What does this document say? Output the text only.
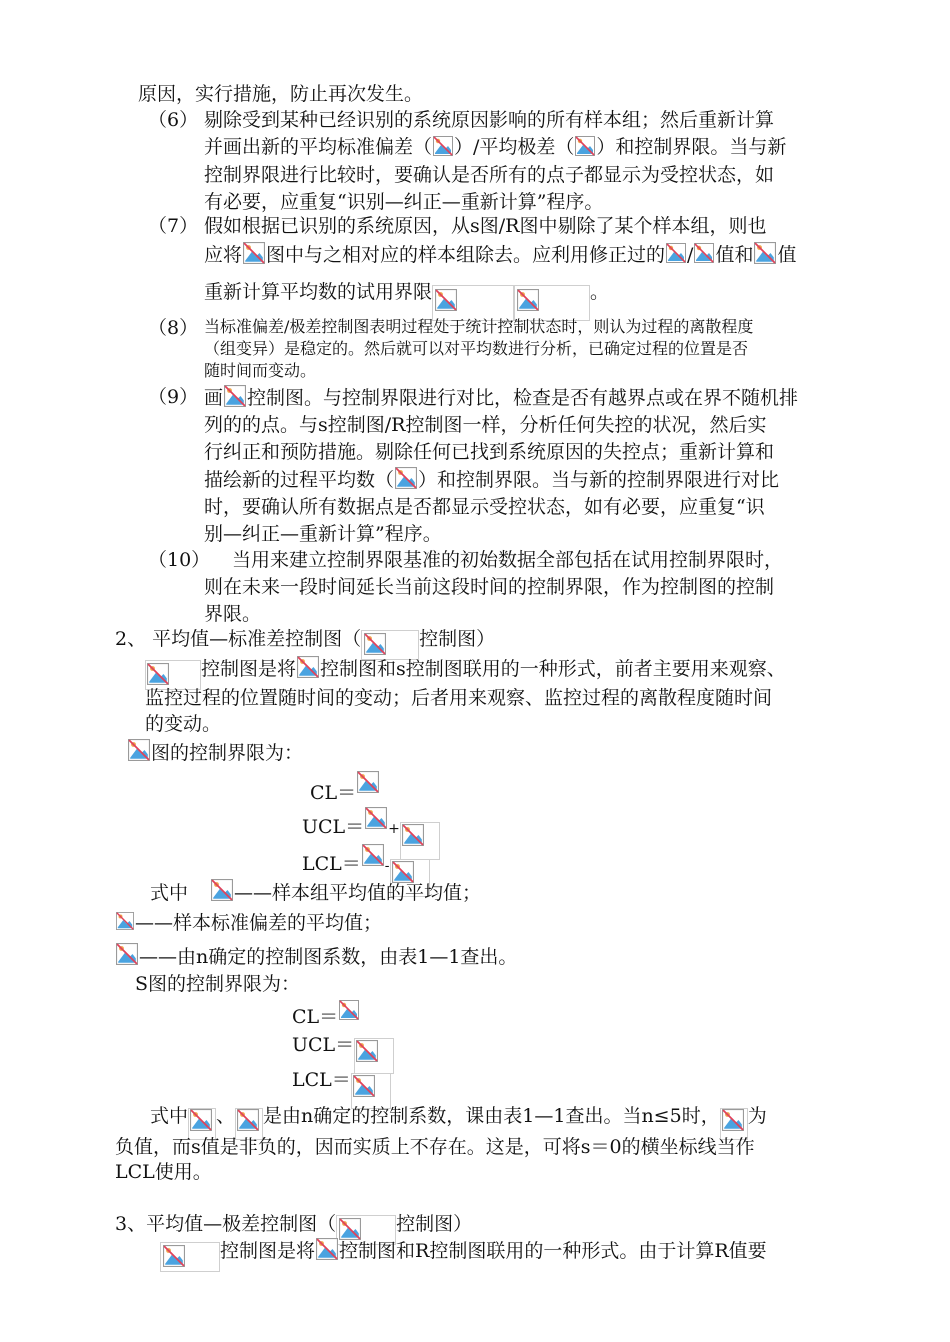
原因，实行措施，防止再次发生。
（6） 剔除受到某种已经识别的系统原因影响的所有样本组；然后重新计算
并画出新的平均标准偏差（ ）/平均极差（ ）和控制界限。当与新
控制界限进行比较时，要确认是否所有的点子都显示为受控状态，如
有必要，应重复“识别—纠正—重新计算”程序。
（7） 假如根据已识别的系统原因，从s图/R图中剔除了某个样本组，则也
应将 图中与之相对应的样本组除去。应利用修正过的 / 值和 值
重新计算平均数的试用界限	。
（8） 当标准偏差/极差控制图表明过程处于统计控制状态时，则认为过程的离散程度
（组变异）是稳定的。然后就可以对平均数进行分析，已确定过程的位置是否
随时间而变动。
（9） 画 控制图。与控制界限进行对比，检查是否有越界点或在界不随机排
列的的点。与s控制图/R控制图一样，分析任何失控的状况，然后实
行纠正和预防措施。剔除任何已找到系统原因的失控点；重新计算和
描绘新的过程平均数（ ）和控制界限。当与新的控制界限进行对比
时，要确认所有数据点是否都显示受控状态，如有必要，应重复“识
别—纠正—重新计算”程序。
（10） 当用来建立控制界限基准的初始数据全部包括在试用控制界限时，
则在未来一段时间延长当前这段时间的控制界限，作为控制图的控制
界限。
2、 平均值—标准差控制图（	控制图）
控制图是将 控制图和s控制图联用的一种形式，前者主要用来观察、
监控过程的位置随时间的变动；后者用来观察、监控过程的离散程度随时间
的变动。
图的控制界限为：
CL＝
UCL＝ +
LCL＝ -
式中 ——样本组平均值的平均值；
——样本标准偏差的平均值；
——由n确定的控制图系数，由表1—1查出。
S图的控制界限为：
CL＝
UCL＝
LCL＝
式中 、 是由n确定的控制系数，课由表1—1查出。当n≤5时， 为
负值，而s值是非负的，因而实质上不存在。这是，可将s＝0的横坐标线当作
LCL使用。
3、平均值—极差控制图（	控制图）
控制图是将 控制图和R控制图联用的一种形式。由于计算R值要
